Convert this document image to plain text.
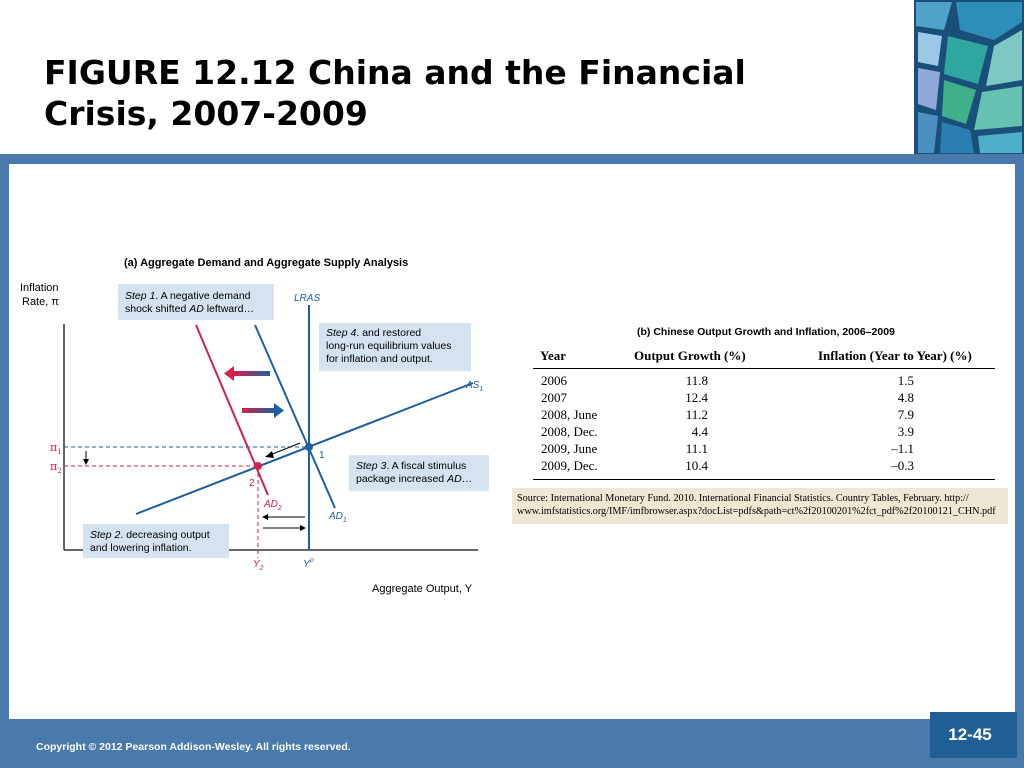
FIGURE 12.12 China and the Financial
Crisis, 2007-2009
(a) Aggregate Demand and Aggregate Supply Analysis
Inflation
Rate, π
Aggregate Output, Y
$\pi_1$
$\pi_2$
$Y_2$	$Y^P$
LRAS
$AS_1$
$AD_1$
$AD_2$
1
2
Step 1. A negative demand
shock shifted AD leftward…
Step 4. and restored
long-run equilibrium values
for inflation and output.
Step 3. A fiscal stimulus
package increased AD…
Step 2. decreasing output
and lowering inflation.
(b) Chinese Output Growth and Inflation, 2006–2009
Year	Output Growth (%)	Inflation (Year to Year) (%)
2006	11.8	1.5
2007	12.4	4.8
2008, June	11.2	7.9
2008, Dec.	4.4	3.9
2009, June	11.1	–1.1
2009, Dec.	10.4	–0.3
Source: International Monetary Fund. 2010. International Financial Statistics. Country Tables, February. http://
www.imfstatistics.org/IMF/imfbrowser.aspx?docList=pdfs&path=ct%2f20100201%2fct_pdf%2f20100121_CHN.pdf
Copyright © 2012 Pearson Addison-Wesley. All rights reserved.
12-45
